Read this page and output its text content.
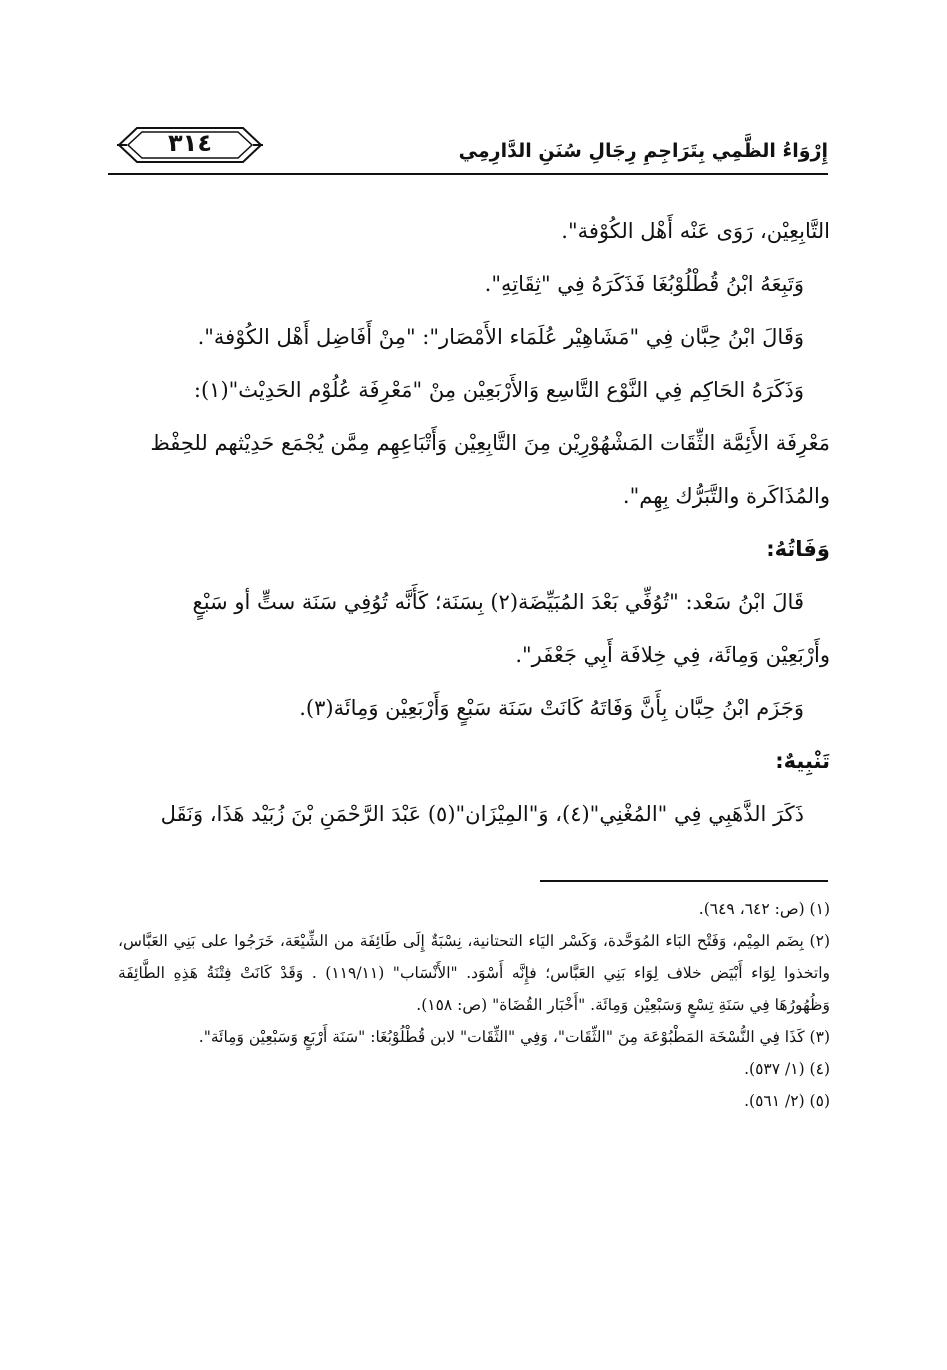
٣١٤	إِرْوَاءُ الظَّمِي بِتَرَاجِمِ رِجَالِ سُنَنِ الدَّارِمِي

التَّابِعِيْن، رَوَى عَنْه أَهْل الكُوْفة".

وَتَبِعَهُ ابْنُ قُطْلُوْبُغَا فَذَكَرَهُ فِي "ثِقَاتِهِ".

وَقَالَ ابْنُ حِبَّان فِي "مَشَاهِيْر عُلَمَاء الأَمْصَار": "مِنْ أَفَاضِل أَهْل الكُوْفة".

وَذَكَرَهُ الحَاكِم فِي النَّوْع التَّاسِع وَالأَرْبَعِيْن مِنْ "مَعْرِفَة عُلُوْم الحَدِيْث"(١):

مَعْرِفَة الأَئِمَّة الثِّقَات المَشْهُوْرِيْن مِنَ التَّابِعِيْن وَأَتْبَاعِهِم مِمَّن يُجْمَع حَدِيْثهم للحِفْظ

والمُذَاكَرة والتَّبَرُّك بِهِم".

وَفَاتُهُ:

قَالَ ابْنُ سَعْد: "تُوُفِّي بَعْدَ المُبَيِّضَة(٢) بِسَنَة؛ كَأَنَّه تُوُفِي سَنَة ستٍّ أو سَبْعٍ

وأَرْبَعِيْن وَمِائَة، فِي خِلافَة أَبِي جَعْفَر".

وَجَزَم ابْنُ حِبَّان بِأَنَّ وَفَاتَهُ كَانَتْ سَنَة سَبْعٍ وَأَرْبَعِيْن وَمِائَة(٣).

تَنْبِيهٌ:

ذَكَرَ الذَّهَبِي فِي "المُغْنِي"(٤)، وَ"المِيْزَان"(٥) عَبْدَ الرَّحْمَنِ بْنَ زُبَيْد هَذَا، وَنَقَل

(١) (ص: ٦٤٢، ٦٤٩).

(٢) بِضَم المِيْم، وَفَتْح البَاء المُوَحَّدة، وَكَسْر اليَاء التحتانية، نِسْبَةٌ إِلَى طَائِفَة من الشِّيْعَة، خَرَجُوا على بَنِي العَبَّاس، واتخذوا لِوَاء أَبْيَض خلاف لِوَاء بَنِي العَبَّاس؛ فإِنَّه أَسْوَد. "الأَنْسَاب" (١١٩/١١) . وَقَدْ كَانَتْ فِتْنَةُ هَذِهِ الطَّائِفَة وَظُهُورُهَا فِي سَنَةِ تِسْعٍ وَسَبْعِيْن وَمِائَة. "أَخْبَار القُضَاة" (ص: ١٥٨).

(٣) كَذَا فِي النُّسْخَة المَطْبُوْعَة مِنَ "الثِّقَات"، وَفِي "الثِّقَات" لابن قُطْلُوْبُغَا: "سَنَة أَرْبَعٍ وَسَبْعِيْن وَمِائَة".

(٤) (١/ ٥٣٧).

(٥) (٢/ ٥٦١).
